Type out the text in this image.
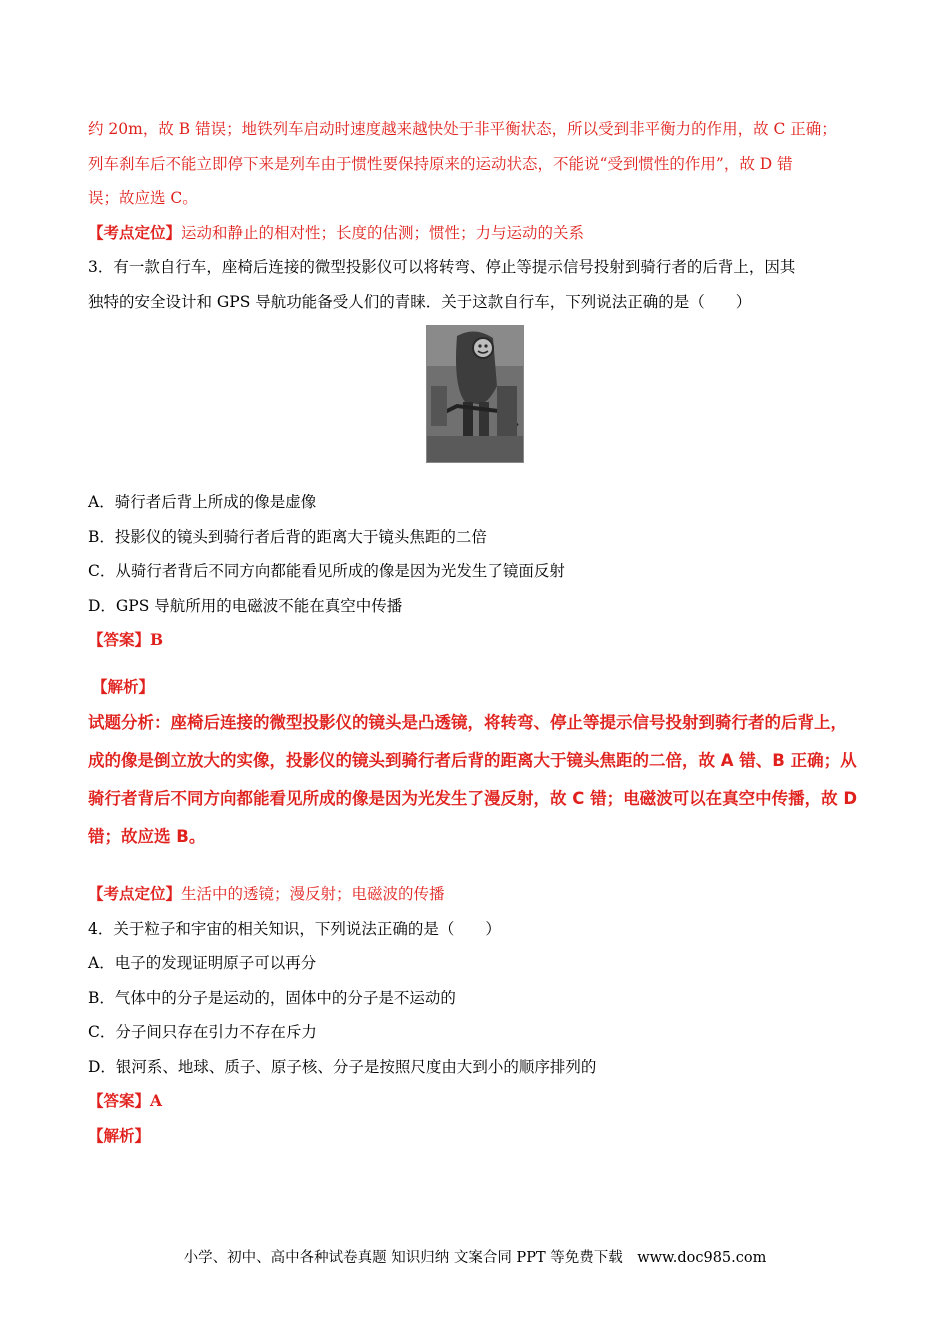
约 20m，故 B 错误；地铁列车启动时速度越来越快处于非平衡状态，所以受到非平衡力的作用，故 C 正确；
列车刹车后不能立即停下来是列车由于惯性要保持原来的运动状态，不能说“受到惯性的作用”，故 D 错
误；故应选 C。
【考点定位】运动和静止的相对性；长度的估测；惯性；力与运动的关系
3．有一款自行车，座椅后连接的微型投影仪可以将转弯、停止等提示信号投射到骑行者的后背上，因其
独特的安全设计和 GPS 导航功能备受人们的青睐．关于这款自行车，下列说法正确的是（　　）
A．骑行者后背上所成的像是虚像
B．投影仪的镜头到骑行者后背的距离大于镜头焦距的二倍
C．从骑行者背后不同方向都能看见所成的像是因为光发生了镜面反射
D．GPS 导航所用的电磁波不能在真空中传播
【答案】B
【解析】
试题分析：座椅后连接的微型投影仪的镜头是凸透镜，将转弯、停止等提示信号投射到骑行者的后背上，
成的像是倒立放大的实像，投影仪的镜头到骑行者后背的距离大于镜头焦距的二倍，故 A 错、B 正确；从
骑行者背后不同方向都能看见所成的像是因为光发生了漫反射，故 C 错；电磁波可以在真空中传播，故 D
错；故应选 B。
【考点定位】生活中的透镜；漫反射；电磁波的传播
4．关于粒子和宇宙的相关知识，下列说法正确的是（　　）
A．电子的发现证明原子可以再分
B．气体中的分子是运动的，固体中的分子是不运动的
C．分子间只存在引力不存在斥力
D．银河系、地球、质子、原子核、分子是按照尺度由大到小的顺序排列的
【答案】A
【解析】
小学、初中、高中各种试卷真题 知识归纳 文案合同 PPT 等免费下载　www.doc985.com
